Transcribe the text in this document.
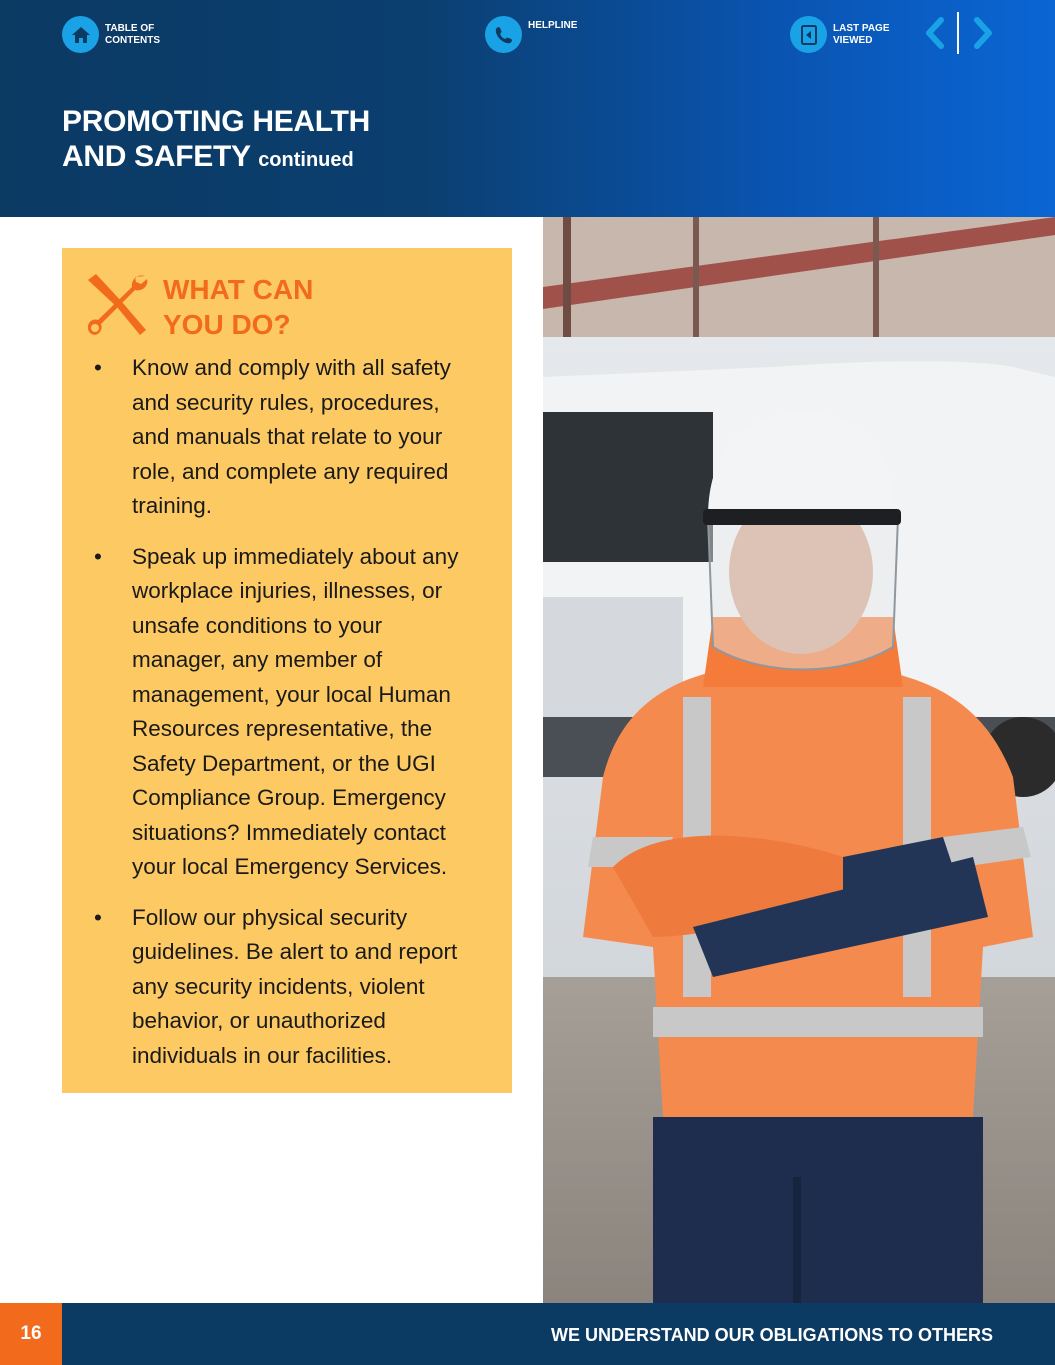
TABLE OF CONTENTS
HELPLINE	LAST PAGE VIEWED
PROMOTING HEALTH
AND SAFETY continued
WHAT CAN
YOU DO?
• Know and comply with all safety and security rules, procedures, and manuals that relate to your role, and complete any required training.
• Speak up immediately about any workplace injuries, illnesses, or unsafe conditions to your manager, any member of management, your local Human Resources representative, the Safety Department, or the UGI Compliance Group. Emergency situations? Immediately contact your local Emergency Services.
• Follow our physical security guidelines. Be alert to and report any security incidents, violent behavior, or unauthorized individuals in our facilities.
16	WE UNDERSTAND OUR OBLIGATIONS TO OTHERS
